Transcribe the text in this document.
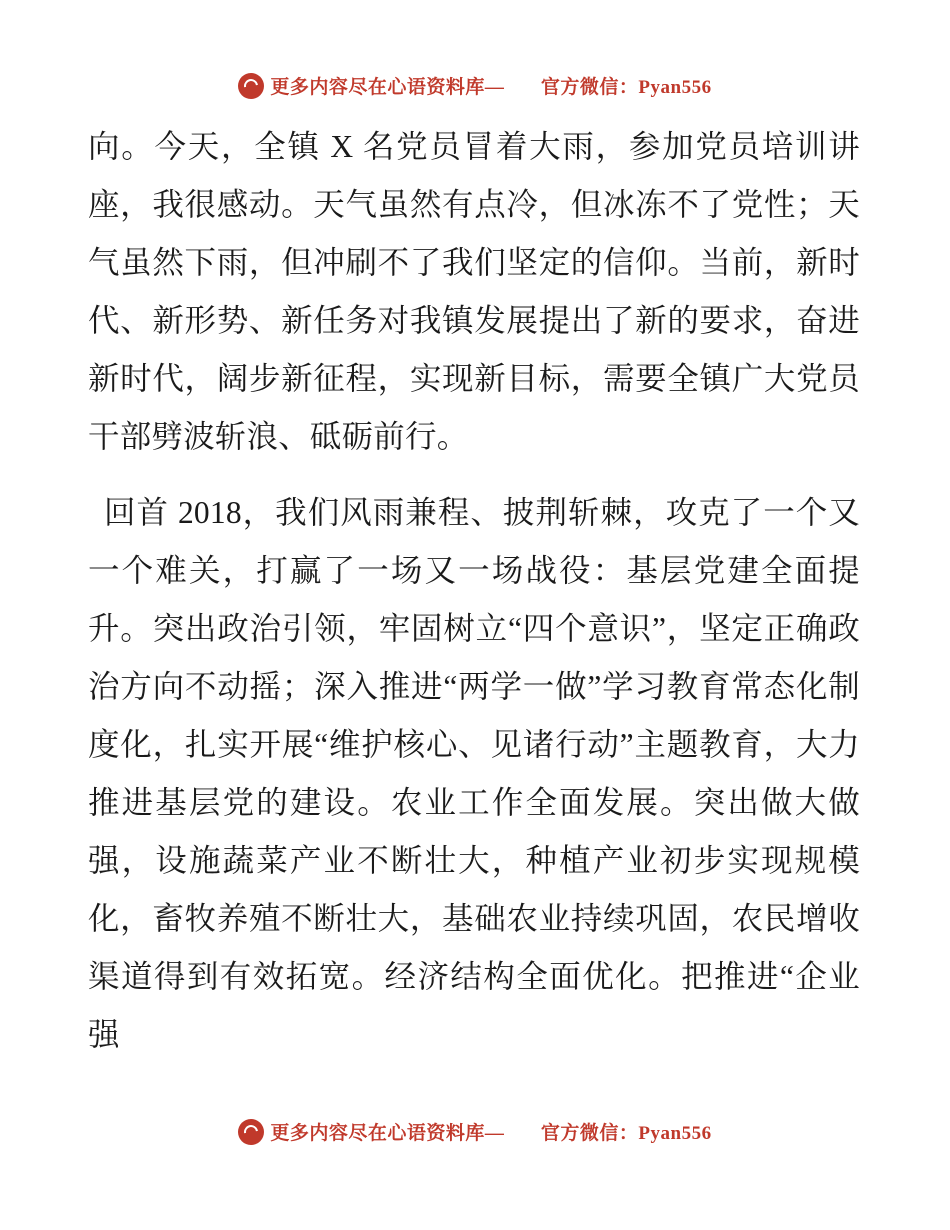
更多内容尽在心语资料库— 官方微信：Pyan556

向。今天，全镇 X 名党员冒着大雨，参加党员培训讲座，我很感动。天气虽然有点冷，但冰冻不了党性；天气虽然下雨，但冲刷不了我们坚定的信仰。当前，新时代、新形势、新任务对我镇发展提出了新的要求，奋进新时代，阔步新征程，实现新目标，需要全镇广大党员干部劈波斩浪、砥砺前行。

回首 2018，我们风雨兼程、披荆斩棘，攻克了一个又一个难关，打赢了一场又一场战役：基层党建全面提升。突出政治引领，牢固树立“四个意识”，坚定正确政治方向不动摇；深入推进“两学一做”学习教育常态化制度化，扎实开展“维护核心、见诸行动”主题教育，大力推进基层党的建设。农业工作全面发展。突出做大做强，设施蔬菜产业不断壮大，种植产业初步实现规模化，畜牧养殖不断壮大，基础农业持续巩固，农民增收渠道得到有效拓宽。经济结构全面优化。把推进“企业强

更多内容尽在心语资料库— 官方微信：Pyan556
